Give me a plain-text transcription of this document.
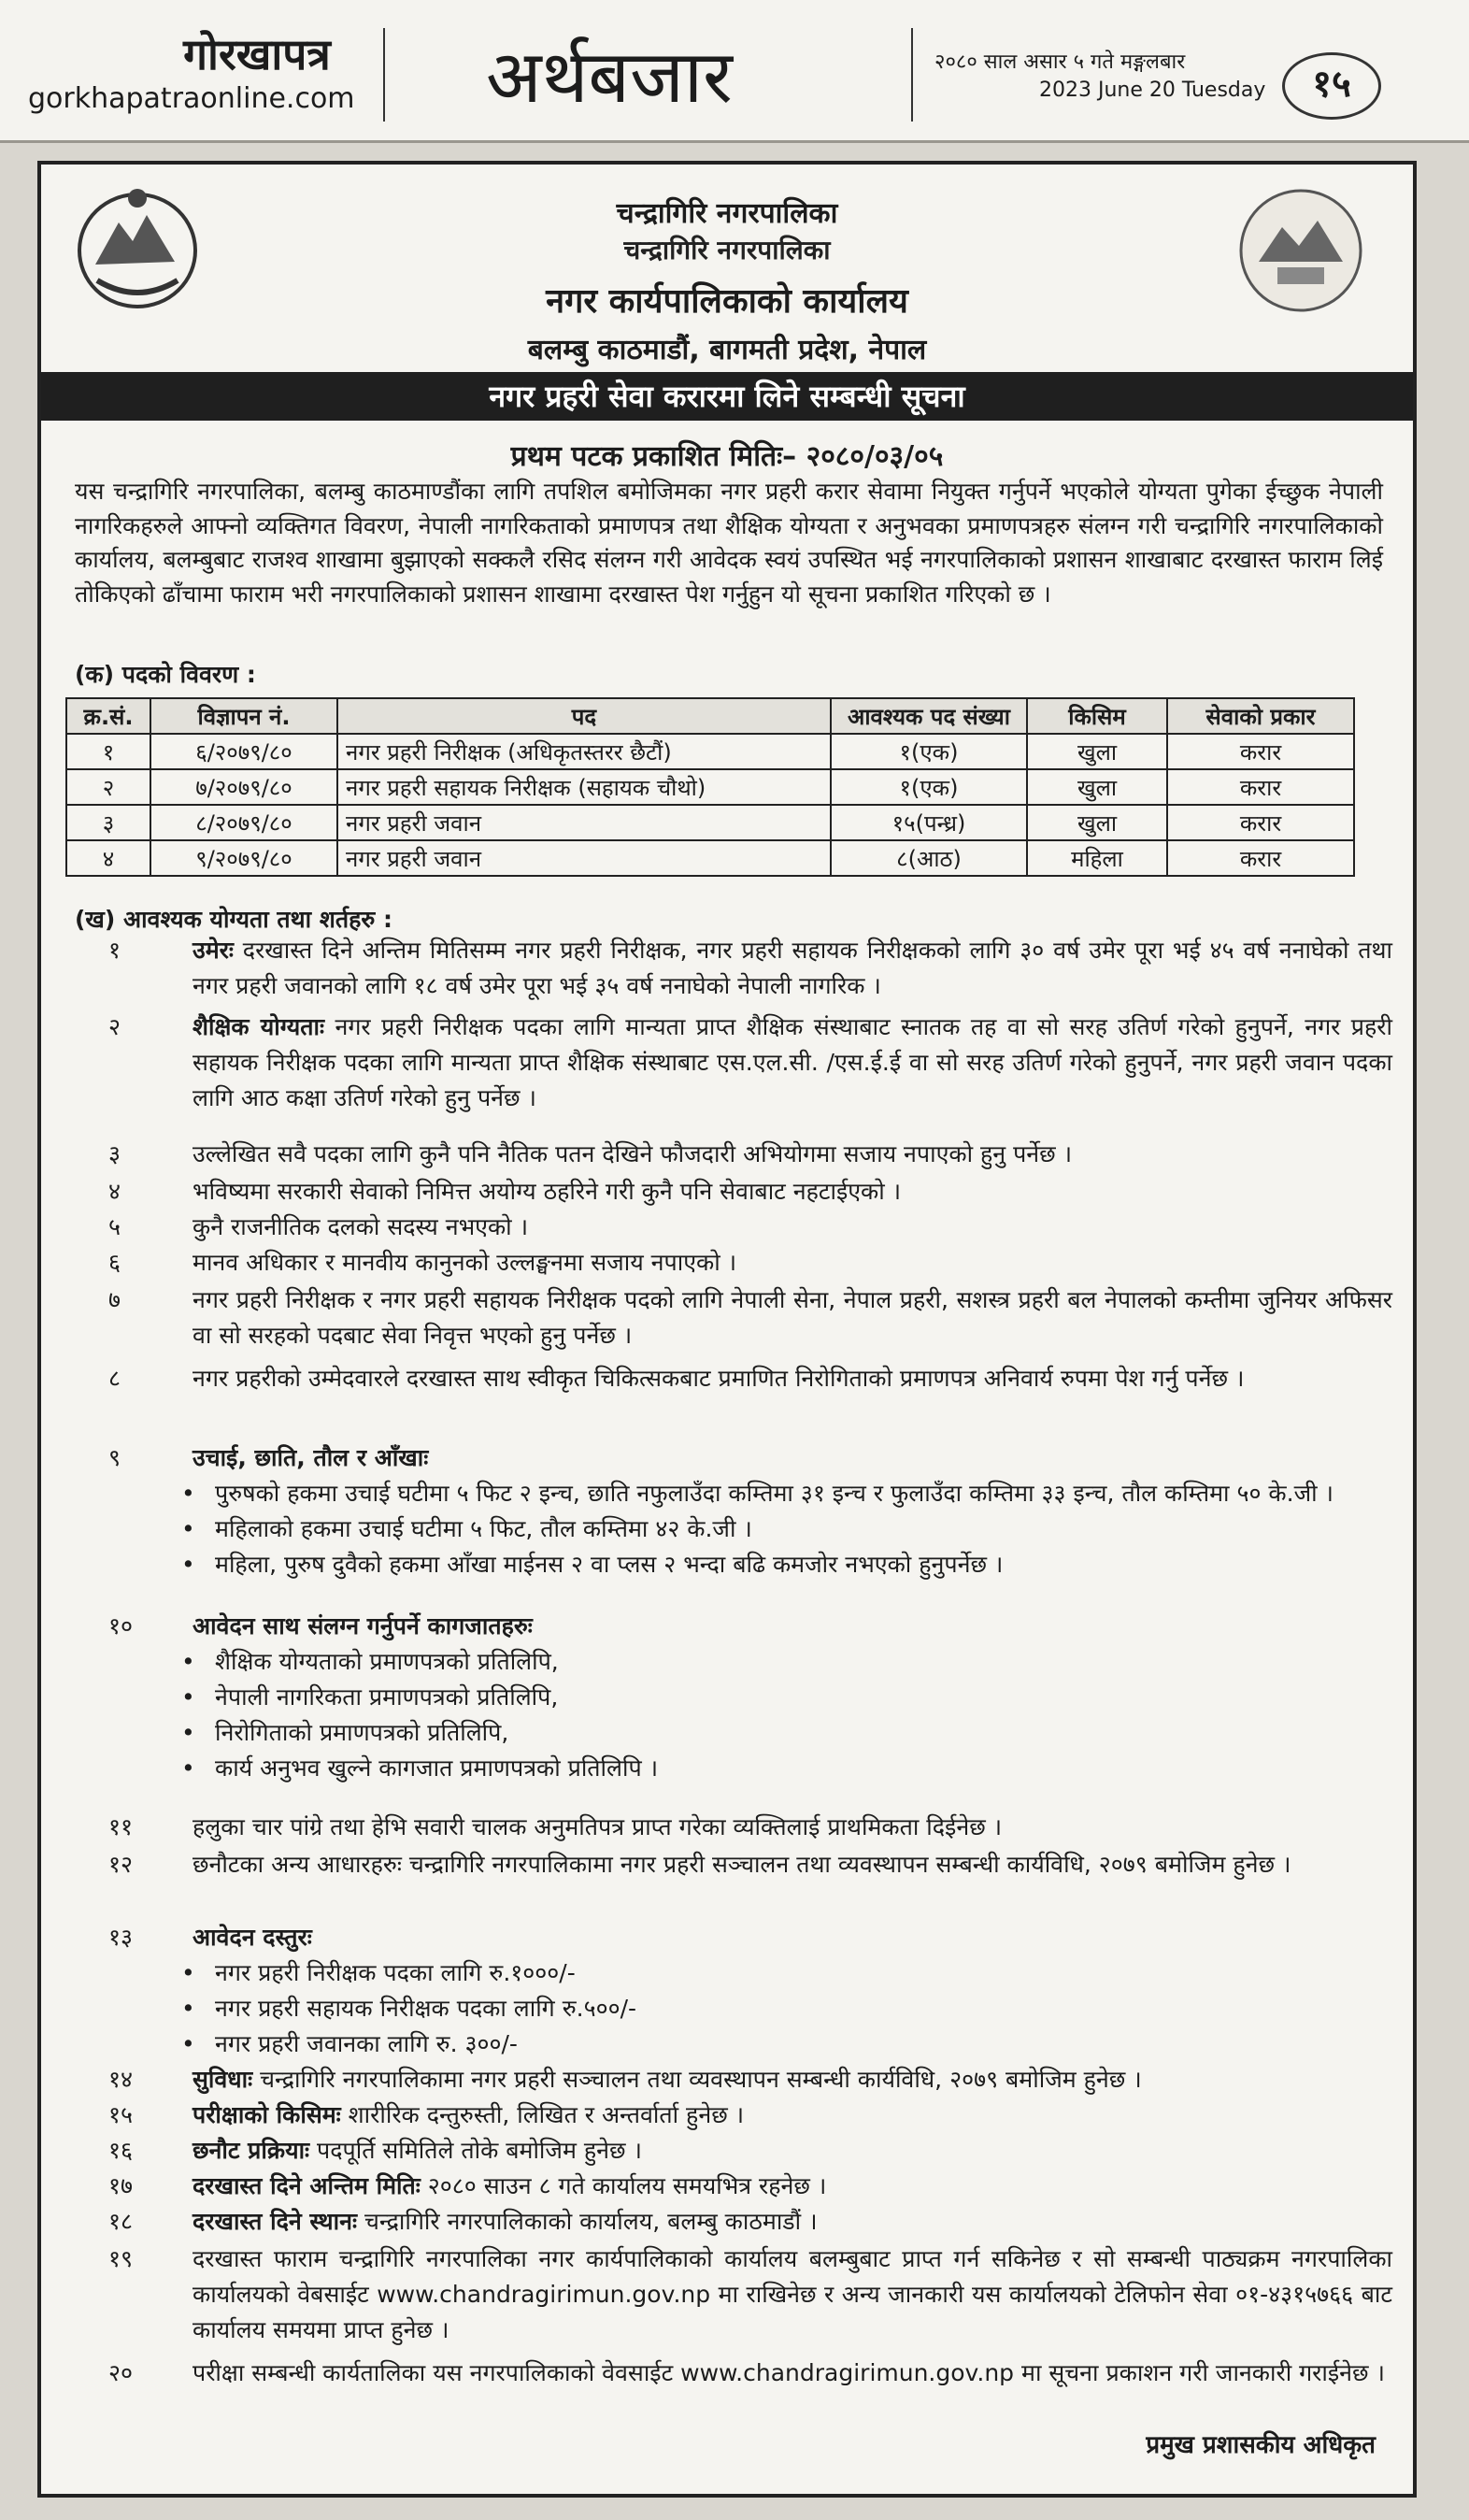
गोरखापत्र
gorkhapatraonline.com अर्थबजार	२०८० साल असार ५ गते मङ्गलबार
2023 June 20 Tuesday	१५
चन्द्रागिरि नगरपालिका
चन्द्रागिरि नगरपालिका
नगर कार्यपालिकाको कार्यालय
बलम्बु काठमाडौं, बागमती प्रदेश, नेपाल
नगर प्रहरी सेवा करारमा लिने सम्बन्धी सूचना
प्रथम पटक प्रकाशित मितिः– २०८०/०३/०५
यस चन्द्रागिरि नगरपालिका, बलम्बु काठमाण्डौंका लागि तपशिल बमोजिमका नगर प्रहरी करार सेवामा नियुक्त गर्नुपर्ने भएकोले योग्यता पुगेका ईच्छुक नेपाली नागरिकहरुले आफ्नो व्यक्तिगत विवरण, नेपाली नागरिकताको प्रमाणपत्र तथा शैक्षिक योग्यता र अनुभवका प्रमाणपत्रहरु संलग्न गरी चन्द्रागिरि नगरपालिकाको कार्यालय, बलम्बुबाट राजश्व शाखामा बुझाएको सक्कलै रसिद संलग्न गरी आवेदक स्वयं उपस्थित भई नगरपालिकाको प्रशासन शाखाबाट दरखास्त फाराम लिई तोकिएको ढाँचामा फाराम भरी नगरपालिकाको प्रशासन शाखामा दरखास्त पेश गर्नुहुन यो सूचना प्रकाशित गरिएको छ ।
(क) पदको विवरण :
क्र.सं.	विज्ञापन नं.	पद	आवश्यक पद संख्या	किसिम	सेवाको प्रकार
१	६/२०७९/८०	नगर प्रहरी निरीक्षक (अधिकृतस्तरर छैटौं)	१(एक)	खुला	करार
२	७/२०७९/८०	नगर प्रहरी सहायक निरीक्षक (सहायक चौथो)	१(एक)	खुला	करार
३	८/२०७९/८०	नगर प्रहरी जवान	१५(पन्ध्र)	खुला	करार
४	९/२०७९/८०	नगर प्रहरी जवान	८(आठ)	महिला	करार
(ख) आवश्यक योग्यता तथा शर्तहरु :
१	उमेरः दरखास्त दिने अन्तिम मितिसम्म नगर प्रहरी निरीक्षक, नगर प्रहरी सहायक निरीक्षकको लागि ३० वर्ष उमेर पूरा भई ४५ वर्ष ननाघेको तथा नगर प्रहरी जवानको लागि १८ वर्ष उमेर पूरा भई ३५ वर्ष ननाघेको नेपाली नागरिक ।
२	शैक्षिक योग्यताः नगर प्रहरी निरीक्षक पदका लागि मान्यता प्राप्त शैक्षिक संस्थाबाट स्नातक तह वा सो सरह उतिर्ण गरेको हुनुपर्ने, नगर प्रहरी सहायक निरीक्षक पदका लागि मान्यता प्राप्त शैक्षिक संस्थाबाट एस.एल.सी. /एस.ई.ई वा सो सरह उतिर्ण गरेको हुनुपर्ने, नगर प्रहरी जवान पदका लागि आठ कक्षा उतिर्ण गरेको हुनु पर्नेछ ।
३	उल्लेखित सवै पदका लागि कुनै पनि नैतिक पतन देखिने फौजदारी अभियोगमा सजाय नपाएको हुनु पर्नेछ ।
४	भविष्यमा सरकारी सेवाको निमित्त अयोग्य ठहरिने गरी कुनै पनि सेवाबाट नहटाईएको ।
५	कुनै राजनीतिक दलको सदस्य नभएको ।
६	मानव अधिकार र मानवीय कानुनको उल्लङ्घनमा सजाय नपाएको ।
७	नगर प्रहरी निरीक्षक र नगर प्रहरी सहायक निरीक्षक पदको लागि नेपाली सेना, नेपाल प्रहरी, सशस्त्र प्रहरी बल नेपालको कम्तीमा जुनियर अफिसर वा सो सरहको पदबाट सेवा निवृत्त भएको हुनु पर्नेछ ।
८	नगर प्रहरीको उम्मेदवारले दरखास्त साथ स्वीकृत चिकित्सकबाट प्रमाणित निरोगिताको प्रमाणपत्र अनिवार्य रुपमा पेश गर्नु पर्नेछ ।
९	उचाई, छाति, तौल र आँखाः
• पुरुषको हकमा उचाई घटीमा ५ फिट २ इन्च, छाति नफुलाउँदा कम्तिमा ३१ इन्च र फुलाउँदा कम्तिमा ३३ इन्च, तौल कम्तिमा ५० के.जी ।
• महिलाको हकमा उचाई घटीमा ५ फिट, तौल कम्तिमा ४२ के.जी ।
• महिला, पुरुष दुवैको हकमा आँखा माईनस २ वा प्लस २ भन्दा बढि कमजोर नभएको हुनुपर्नेछ ।
१०	आवेदन साथ संलग्न गर्नुपर्ने कागजातहरुः
• शैक्षिक योग्यताको प्रमाणपत्रको प्रतिलिपि,
• नेपाली नागरिकता प्रमाणपत्रको प्रतिलिपि,
• निरोगिताको प्रमाणपत्रको प्रतिलिपि,
• कार्य अनुभव खुल्ने कागजात प्रमाणपत्रको प्रतिलिपि ।
११	हलुका चार पांग्रे तथा हेभि सवारी चालक अनुमतिपत्र प्राप्त गरेका व्यक्तिलाई प्राथमिकता दिईनेछ ।
१२	छनौटका अन्य आधारहरुः चन्द्रागिरि नगरपालिकामा नगर प्रहरी सञ्चालन तथा व्यवस्थापन सम्बन्धी कार्यविधि, २०७९ बमोजिम हुनेछ ।
१३	आवेदन दस्तुरः
• नगर प्रहरी निरीक्षक पदका लागि रु.१०००/-
• नगर प्रहरी सहायक निरीक्षक पदका लागि रु.५००/-
• नगर प्रहरी जवानका लागि रु. ३००/-
१४	सुविधाः चन्द्रागिरि नगरपालिकामा नगर प्रहरी सञ्चालन तथा व्यवस्थापन सम्बन्धी कार्यविधि, २०७९ बमोजिम हुनेछ ।
१५	परीक्षाको किसिमः शारीरिक दन्तुरुस्ती, लिखित र अन्तर्वार्ता हुनेछ ।
१६	छनौट प्रक्रियाः पदपूर्ति समितिले तोके बमोजिम हुनेछ ।
१७	दरखास्त दिने अन्तिम मितिः २०८० साउन ८ गते कार्यालय समयभित्र रहनेछ ।
१८	दरखास्त दिने स्थानः चन्द्रागिरि नगरपालिकाको कार्यालय, बलम्बु काठमाडौं ।
१९	दरखास्त फाराम चन्द्रागिरि नगरपालिका नगर कार्यपालिकाको कार्यालय बलम्बुबाट प्राप्त गर्न सकिनेछ र सो सम्बन्धी पाठ्यक्रम नगरपालिका कार्यालयको वेबसाईट www.chandragirimun.gov.np मा राखिनेछ र अन्य जानकारी यस कार्यालयको टेलिफोन सेवा ०१-४३१५७६६ बाट कार्यालय समयमा प्राप्त हुनेछ ।
२०	परीक्षा सम्बन्धी कार्यतालिका यस नगरपालिकाको वेवसाईट www.chandragirimun.gov.np मा सूचना प्रकाशन गरी जानकारी गराईनेछ ।
प्रमुख प्रशासकीय अधिकृत
